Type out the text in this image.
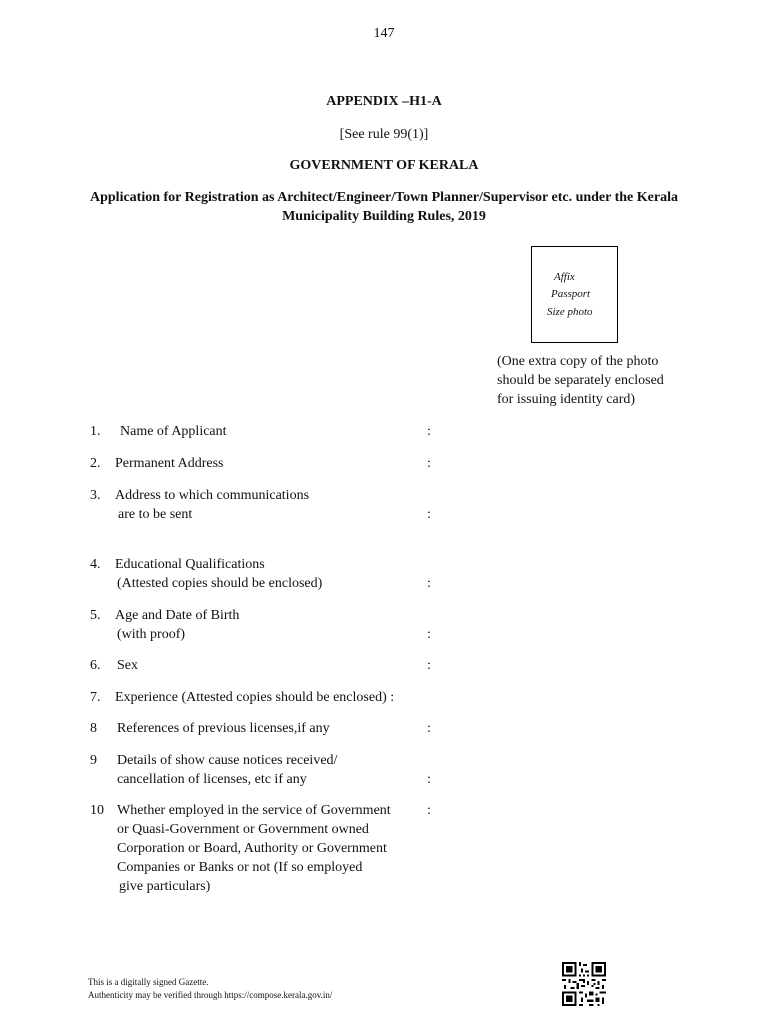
147
APPENDIX –H1-A
[See rule 99(1)]
GOVERNMENT OF KERALA
Application for Registration as Architect/Engineer/Town Planner/Supervisor etc. under the Kerala
Municipality Building Rules, 2019
Affix
Passport
Size photo
(One extra copy of the photo
should be separately enclosed
for issuing identity card)
1. Name of Applicant	:
2. Permanent Address	:
3. Address to which communications
are to be sent	:
4. Educational Qualifications
(Attested copies should be enclosed)	:
5. Age and Date of Birth
(with proof)	:
6. Sex	:
7. Experience (Attested copies should be enclosed) :
8 References of previous licenses,if any	:
9 Details of show cause notices received/
cancellation of licenses, etc if any	:
10 Whether employed in the service of Government	:
or Quasi-Government or Government owned
Corporation or Board, Authority or Government
Companies or Banks or not (If so employed
give particulars)
This is a digitally signed Gazette.
Authenticity may be verified through https://compose.kerala.gov.in/
